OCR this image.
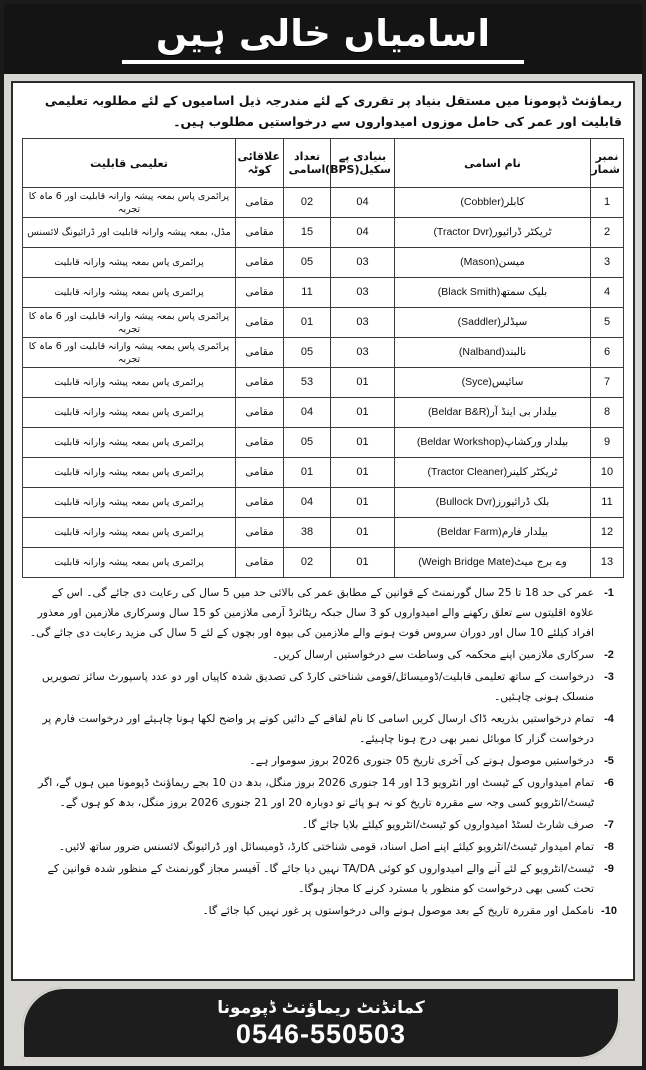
اسامیاں خالی ہیں
ریماؤنٹ ڈپومونا میں مستقل بنیاد پر تقرری کے لئے مندرجہ ذیل اسامیوں کے لئے مطلوبہ تعلیمی قابلیت اور عمر کی حامل موزوں امیدواروں سے درخواستیں مطلوب ہیں۔
نمبر شمار	نام اسامی	بنیادی پے سکیل(BPS)	تعداد اسامی	علاقائی کوٹہ	تعلیمی قابلیت
1	کابلر(Cobbler)	04	02	مقامی	پرائمری پاس بمعہ پیشہ وارانہ قابلیت اور 6 ماہ کا تجربہ
2	ٹریکٹر ڈرائیور(Tractor Dvr)	04	15	مقامی	مڈل، بمعہ پیشہ وارانہ قابلیت اور ڈرائیونگ لائسنس
3	میسن(Mason)	03	05	مقامی	پرائمری پاس بمعہ پیشہ وارانہ قابلیت
4	بلیک سمتھ(Black Smith)	03	11	مقامی	پرائمری پاس بمعہ پیشہ وارانہ قابلیت
5	سیڈلر(Saddler)	03	01	مقامی	پرائمری پاس بمعہ پیشہ وارانہ قابلیت اور 6 ماہ کا تجربہ
6	نالبند(Nalband)	03	05	مقامی	پرائمری پاس بمعہ پیشہ وارانہ قابلیت اور 6 ماہ کا تجربہ
7	سائیس(Syce)	01	53	مقامی	پرائمری پاس بمعہ پیشہ وارانہ قابلیت
8	بیلدار بی اینڈ آر(Beldar B&R)	01	04	مقامی	پرائمری پاس بمعہ پیشہ وارانہ قابلیت
9	بیلدار ورکشاپ(Beldar Workshop)	01	05	مقامی	پرائمری پاس بمعہ پیشہ وارانہ قابلیت
10	ٹریکٹر کلینر(Tractor Cleaner)	01	01	مقامی	پرائمری پاس بمعہ پیشہ وارانہ قابلیت
11	بلک ڈرائیورز(Bullock Dvr)	01	04	مقامی	پرائمری پاس بمعہ پیشہ وارانہ قابلیت
12	بیلدار فارم(Beldar Farm)	01	38	مقامی	پرائمری پاس بمعہ پیشہ وارانہ قابلیت
13	وے برج میٹ(Weigh Bridge Mate)	01	02	مقامی	پرائمری پاس بمعہ پیشہ وارانہ قابلیت
1-
عمر کی حد 18 تا 25 سال گورنمنٹ کے قوانین کے مطابق عمر کی بالائی حد میں 5 سال کی رعایت دی جائے گی۔ اس کے علاوہ اقلیتوں سے تعلق رکھنے والے امیدواروں کو 3 سال جبکہ ریٹائرڈ آرمی ملازمین کو 15 سال وسرکاری ملازمین اور معذور افراد کیلئے 10 سال اور دوران سروس فوت ہونے والے ملازمین کی بیوہ اور بچوں کے لئے 5 سال کی مزید رعایت دی جائے گی۔
2-
سرکاری ملازمین اپنے محکمہ کی وساطت سے درخواستیں ارسال کریں۔
3-
درخواست کے ساتھ تعلیمی قابلیت/ڈومیسائل/قومی شناختی کارڈ کی تصدیق شدہ کاپیاں اور دو عدد پاسپورٹ سائز تصویریں منسلک ہونی چاہئیں۔
4-
تمام درخواستیں بذریعہ ڈاک ارسال کریں اسامی کا نام لفافے کے دائیں کونے پر واضح لکھا ہونا چاہیئے اور درخواست فارم پر درخواست گزار کا موبائل نمبر بھی درج ہونا چاہیئے۔
5-
درخواستیں موصول ہونے کی آخری تاریخ 05 جنوری 2026 بروز سوموار ہے۔
6-
تمام امیدواروں کے ٹیسٹ اور انٹرویو 13 اور 14 جنوری 2026 بروز منگل، بدھ دن 10 بجے ریماؤنٹ ڈپومونا میں ہوں گے، اگر ٹیسٹ/انٹرویو کسی وجہ سے مقررہ تاریخ کو نہ ہو پائے تو دوبارہ 20 اور 21 جنوری 2026 بروز منگل، بدھ کو ہوں گے۔
7-
صرف شارٹ لسٹڈ امیدواروں کو ٹیسٹ/انٹرویو کیلئے بلایا جائے گا۔
8-
تمام امیدوار ٹیسٹ/انٹرویو کیلئے اپنے اصل اسناد، قومی شناختی کارڈ، ڈومیسائل اور ڈرائیونگ لائسنس ضرور ساتھ لائیں۔
9-
ٹیسٹ/انٹرویو کے لئے آنے والے امیدواروں کو کوئی TA/DA نہیں دیا جائے گا۔ آفیسر مجاز گورنمنٹ کے منظور شدہ قوانین کے تحت کسی بھی درخواست کو منظور یا مسترد کرنے کا مجاز ہوگا۔
10-
نامکمل اور مقررہ تاریخ کے بعد موصول ہونے والی درخواستوں پر غور نہیں کیا جائے گا۔
کمانڈنٹ ریماؤنٹ ڈپومونا
0546-550503
